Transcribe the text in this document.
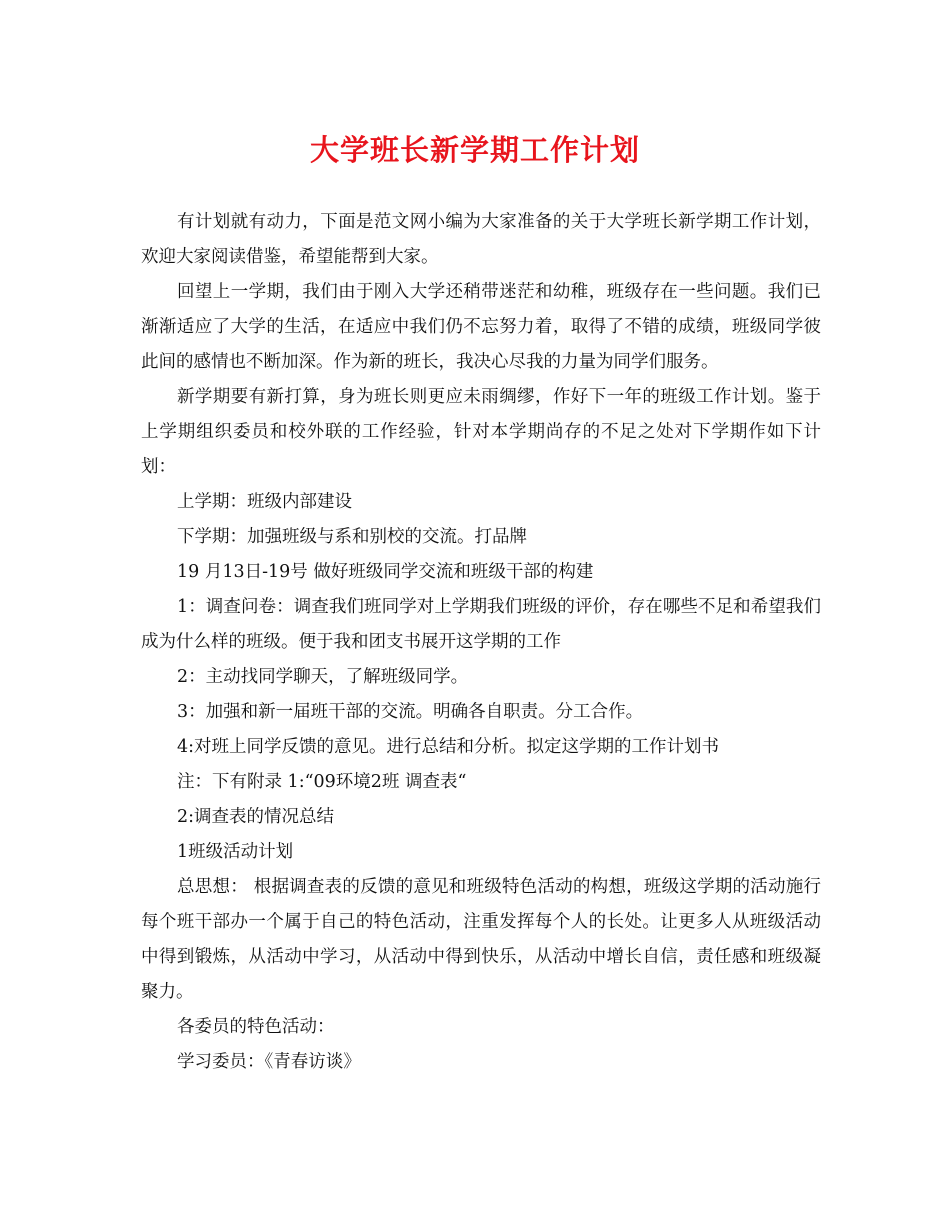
大学班长新学期工作计划

有计划就有动力，下面是范文网小编为大家准备的关于大学班长新学期工作计划，欢迎大家阅读借鉴，希望能帮到大家。

回望上一学期，我们由于刚入大学还稍带迷茫和幼稚，班级存在一些问题。我们已渐渐适应了大学的生活，在适应中我们仍不忘努力着，取得了不错的成绩，班级同学彼此间的感情也不断加深。作为新的班长，我决心尽我的力量为同学们服务。

新学期要有新打算，身为班长则更应未雨绸缪，作好下一年的班级工作计划。鉴于上学期组织委员和校外联的工作经验，针对本学期尚存的不足之处对下学期作如下计划：

上学期：班级内部建设

下学期：加强班级与系和别校的交流。打品牌

19 月13日-19号 做好班级同学交流和班级干部的构建

1：调查问卷：调查我们班同学对上学期我们班级的评价，存在哪些不足和希望我们成为什么样的班级。便于我和团支书展开这学期的工作

2：主动找同学聊天，了解班级同学。

3：加强和新一届班干部的交流。明确各自职责。分工合作。

4:对班上同学反馈的意见。进行总结和分析。拟定这学期的工作计划书

注：下有附录 1:“09环境2班 调查表“

2:调查表的情况总结

1班级活动计划

总思想： 根据调查表的反馈的意见和班级特色活动的构想，班级这学期的活动施行每个班干部办一个属于自己的特色活动，注重发挥每个人的长处。让更多人从班级活动中得到锻炼，从活动中学习，从活动中得到快乐，从活动中增长自信，责任感和班级凝聚力。

各委员的特色活动：

学习委员：《青春访谈》
